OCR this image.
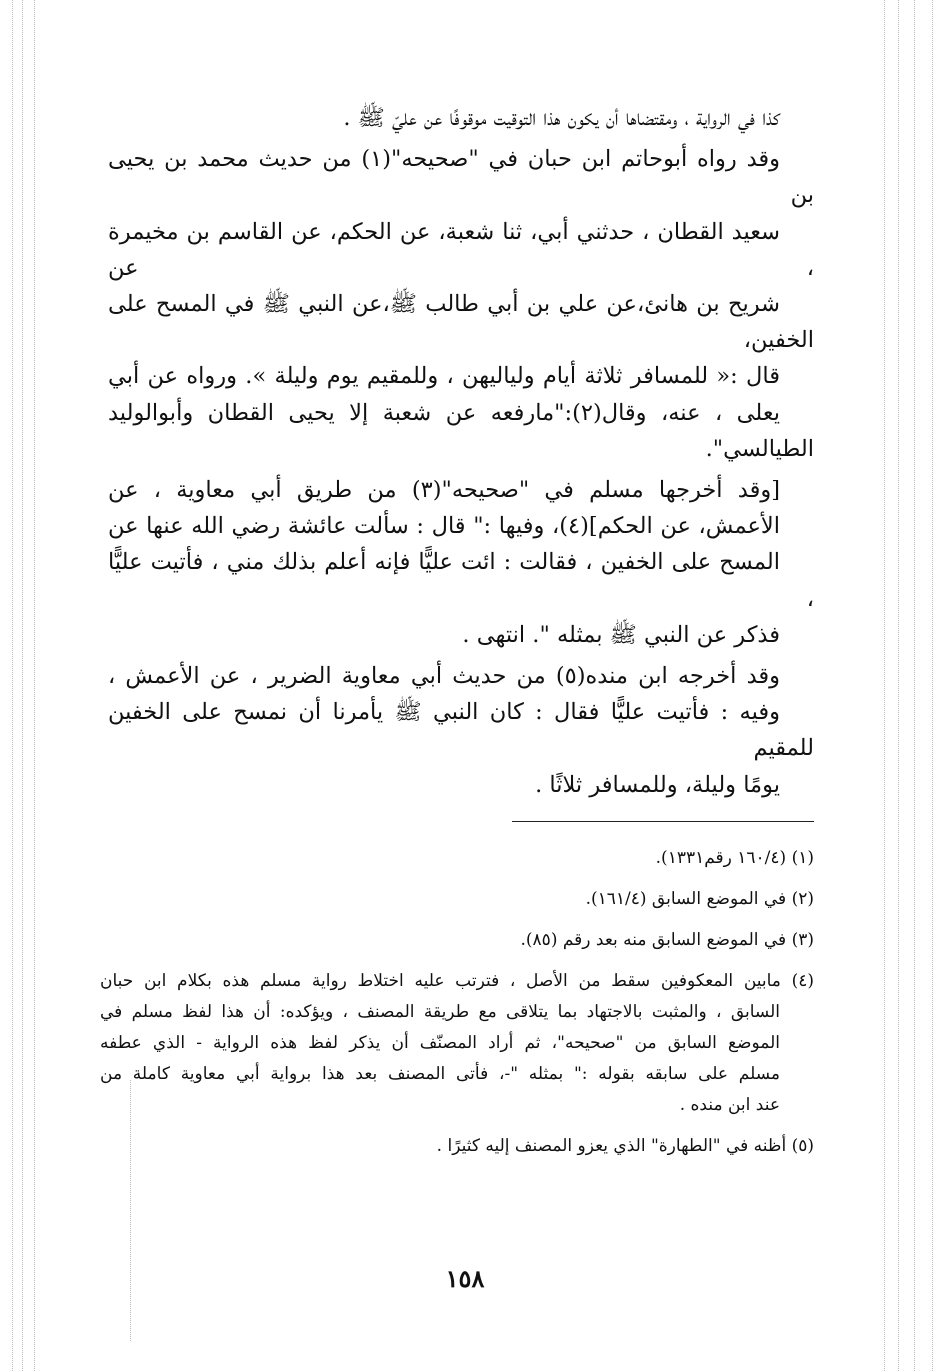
كذا في الرواية ، ومقتضاها أن يكون هذا التوقيت موقوفًا عن عليّ ﷺ .

وقد رواه أبوحاتم ابن حبان في "صحيحه"(١) من حديث محمد بن يحيى بن
سعيد القطان ، حدثني أبي، ثنا شعبة، عن الحكم، عن القاسم بن مخيمرة ، عن
شريح بن هانئ،عن علي بن أبي طالب ﷺ،عن النبي ﷺ في المسح على الخفين،
قال :« للمسافر ثلاثة أيام ولياليهن ، وللمقيم يوم وليلة ». ورواه عن أبي
يعلى ، عنه، وقال(٢):"مارفعه عن شعبة إلا يحيى القطان وأبوالوليد الطيالسي".

[وقد أخرجها مسلم في "صحيحه"(٣) من طريق أبي معاوية ، عن
الأعمش، عن الحكم](٤)، وفيها :" قال : سألت عائشة رضي الله عنها عن
المسح على الخفين ، فقالت : ائت عليًّا فإنه أعلم بذلك مني ، فأتيت عليًّا ،
فذكر عن النبي ﷺ بمثله ". انتهى .

وقد أخرجه ابن منده(٥) من حديث أبي معاوية الضرير ، عن الأعمش ،
وفيه : فأتيت عليًّا فقال : كان النبي ﷺ يأمرنا أن نمسح على الخفين للمقيم
يومًا وليلة، وللمسافر ثلاثًا .

(١) (١٦٠/٤ رقم١٣٣١).
(٢) في الموضع السابق (١٦١/٤).
(٣) في الموضع السابق منه بعد رقم (٨٥).
(٤) مابين المعكوفين سقط من الأصل ، فترتب عليه اختلاط رواية مسلم هذه بكلام ابن حبان
السابق ، والمثبت بالاجتهاد بما يتلاقى مع طريقة المصنف ، ويؤكده: أن هذا لفظ مسلم في
الموضع السابق من "صحيحه"، ثم أراد المصنّف أن يذكر لفظ هذه الرواية - الذي عطفه
مسلم على سابقه بقوله :" بمثله "-، فأتى المصنف بعد هذا برواية أبي معاوية كاملة من
عند ابن منده .
(٥) أظنه في "الطهارة" الذي يعزو المصنف إليه كثيرًا .
١٥٨
